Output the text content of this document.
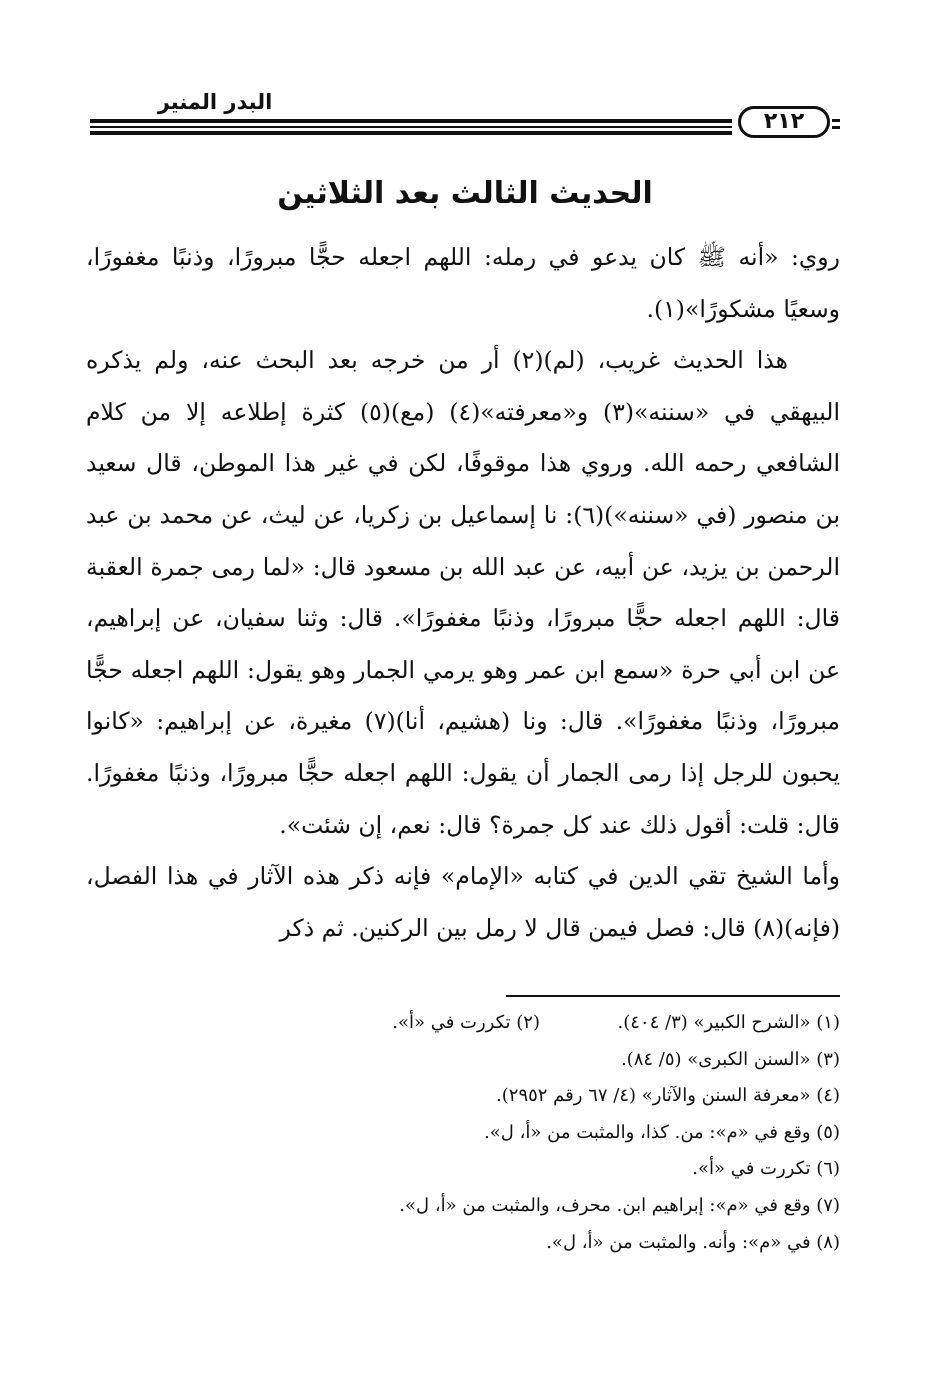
البدر المنير
٢١٢
الحديث الثالث بعد الثلاثين

روي: «أنه ﷺ كان يدعو في رمله: اللهم اجعله حجًّا مبرورًا، وذنبًا مغفورًا، وسعيًا مشكورًا»(١).

هذا الحديث غريب، (لم)(٢) أر من خرجه بعد البحث عنه، ولم يذكره البيهقي في «سننه»(٣) و«معرفته»(٤) (مع)(٥) كثرة إطلاعه إلا من كلام الشافعي رحمه الله. وروي هذا موقوفًا، لكن في غير هذا الموطن، قال سعيد بن منصور (في «سننه»)(٦): نا إسماعيل بن زكريا، عن ليث، عن محمد بن عبد الرحمن بن يزيد، عن أبيه، عن عبد الله بن مسعود قال: «لما رمى جمرة العقبة قال: اللهم اجعله حجًّا مبرورًا، وذنبًا مغفورًا». قال: وثنا سفيان، عن إبراهيم، عن ابن أبي حرة «سمع ابن عمر وهو يرمي الجمار وهو يقول: اللهم اجعله حجًّا مبرورًا، وذنبًا مغفورًا». قال: ونا (هشيم، أنا)(٧) مغيرة، عن إبراهيم: «كانوا يحبون للرجل إذا رمى الجمار أن يقول: اللهم اجعله حجًّا مبرورًا، وذنبًا مغفورًا. قال: قلت: أقول ذلك عند كل جمرة؟ قال: نعم، إن شئت».

وأما الشيخ تقي الدين في كتابه «الإمام» فإنه ذكر هذه الآثار في هذا الفصل، (فإنه)(٨) قال: فصل فيمن قال لا رمل بين الركنين. ثم ذكر

(١) «الشرح الكبير» (٣/ ٤٠٤).
(٢) تكررت في «أ».
(٣) «السنن الكبرى» (٥/ ٨٤).
(٤) «معرفة السنن والآثار» (٤/ ٦٧ رقم ٢٩٥٢).
(٥) وقع في «م»: من. كذا، والمثبت من «أ، ل».
(٦) تكررت في «أ».
(٧) وقع في «م»: إبراهيم ابن. محرف، والمثبت من «أ، ل».
(٨) في «م»: وأنه. والمثبت من «أ، ل».
